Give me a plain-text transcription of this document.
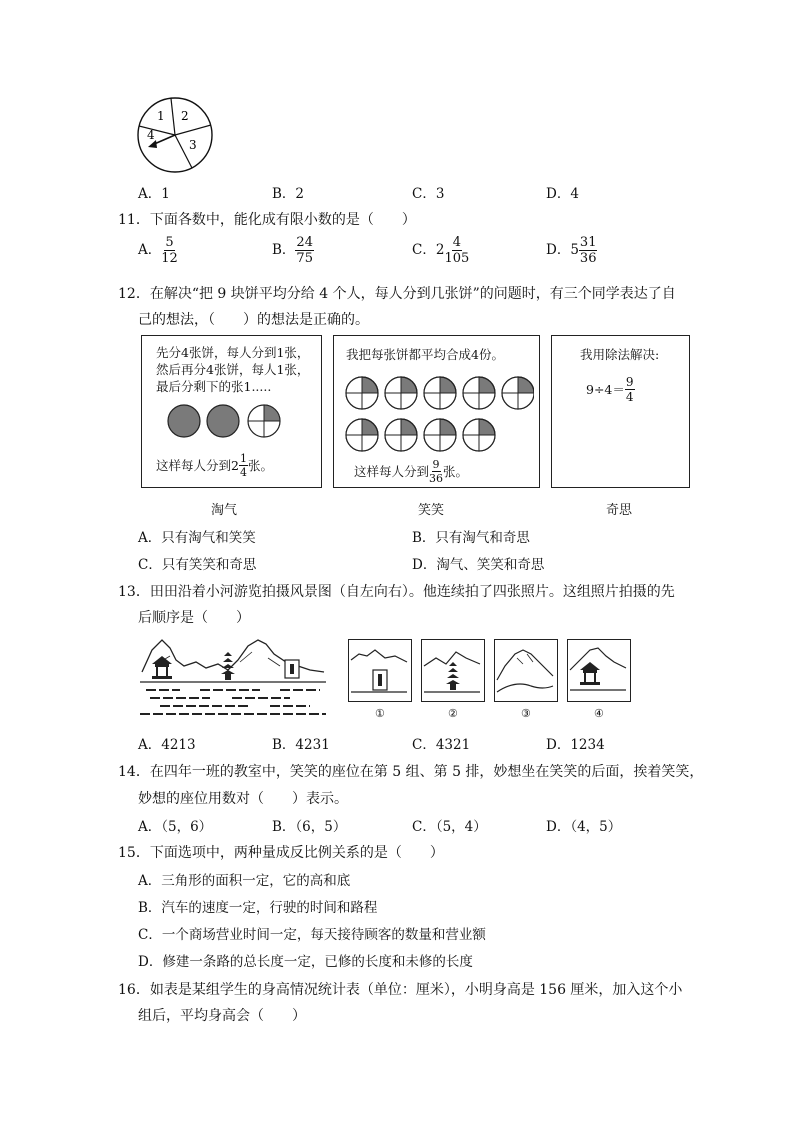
1 2
3
4
A．1	B．2	C．3	D．4
11．下面各数中，能化成有限小数的是（　　）
A． $\frac{5}{12}$	B． $\frac{24}{75}$	C．$2 \frac{4}{105}$	D．$5 \frac{31}{36}$
12．在解决“把 9 块饼平均分给 4 个人，每人分到几张饼”的问题时，有三个同学表达了自
己的想法，（　　）的想法是正确的。
先分4张饼，每人分到1张，
然后再分4张饼，每人1张，
最后分剩下的张1.....
这样每人分到$2 \frac{1}{4}$ 张。
我把每张饼都平均合成4份。
这样每人分到 $\frac{9}{36}$ 张。
我用除法解决:
$9\div 4= \frac{9}{4}$
淘气	笑笑	奇思
A．只有淘气和笑笑	B．只有淘气和奇思
C．只有笑笑和奇思	D．淘气、笑笑和奇思
13．田田沿着小河游览拍摄风景图（自左向右）。他连续拍了四张照片。这组照片拍摄的先
后顺序是（　　）
①	②	③	④
A．4213	B．4231	C．4321	D．1234
14．在四年一班的教室中，笑笑的座位在第 5 组、第 5 排，妙想坐在笑笑的后面，挨着笑笑，
妙想的座位用数对（　　）表示。
A．（5，6）	B．（6，5）	C．（5，4）	D．（4，5）
15．下面选项中，两种量成反比例关系的是（　　）
A．三角形的面积一定，它的高和底
B．汽车的速度一定，行驶的时间和路程
C．一个商场营业时间一定，每天接待顾客的数量和营业额
D．修建一条路的总长度一定，已修的长度和未修的长度
16．如表是某组学生的身高情况统计表（单位：厘米），小明身高是 156 厘米，加入这个小
组后，平均身高会（　　）
